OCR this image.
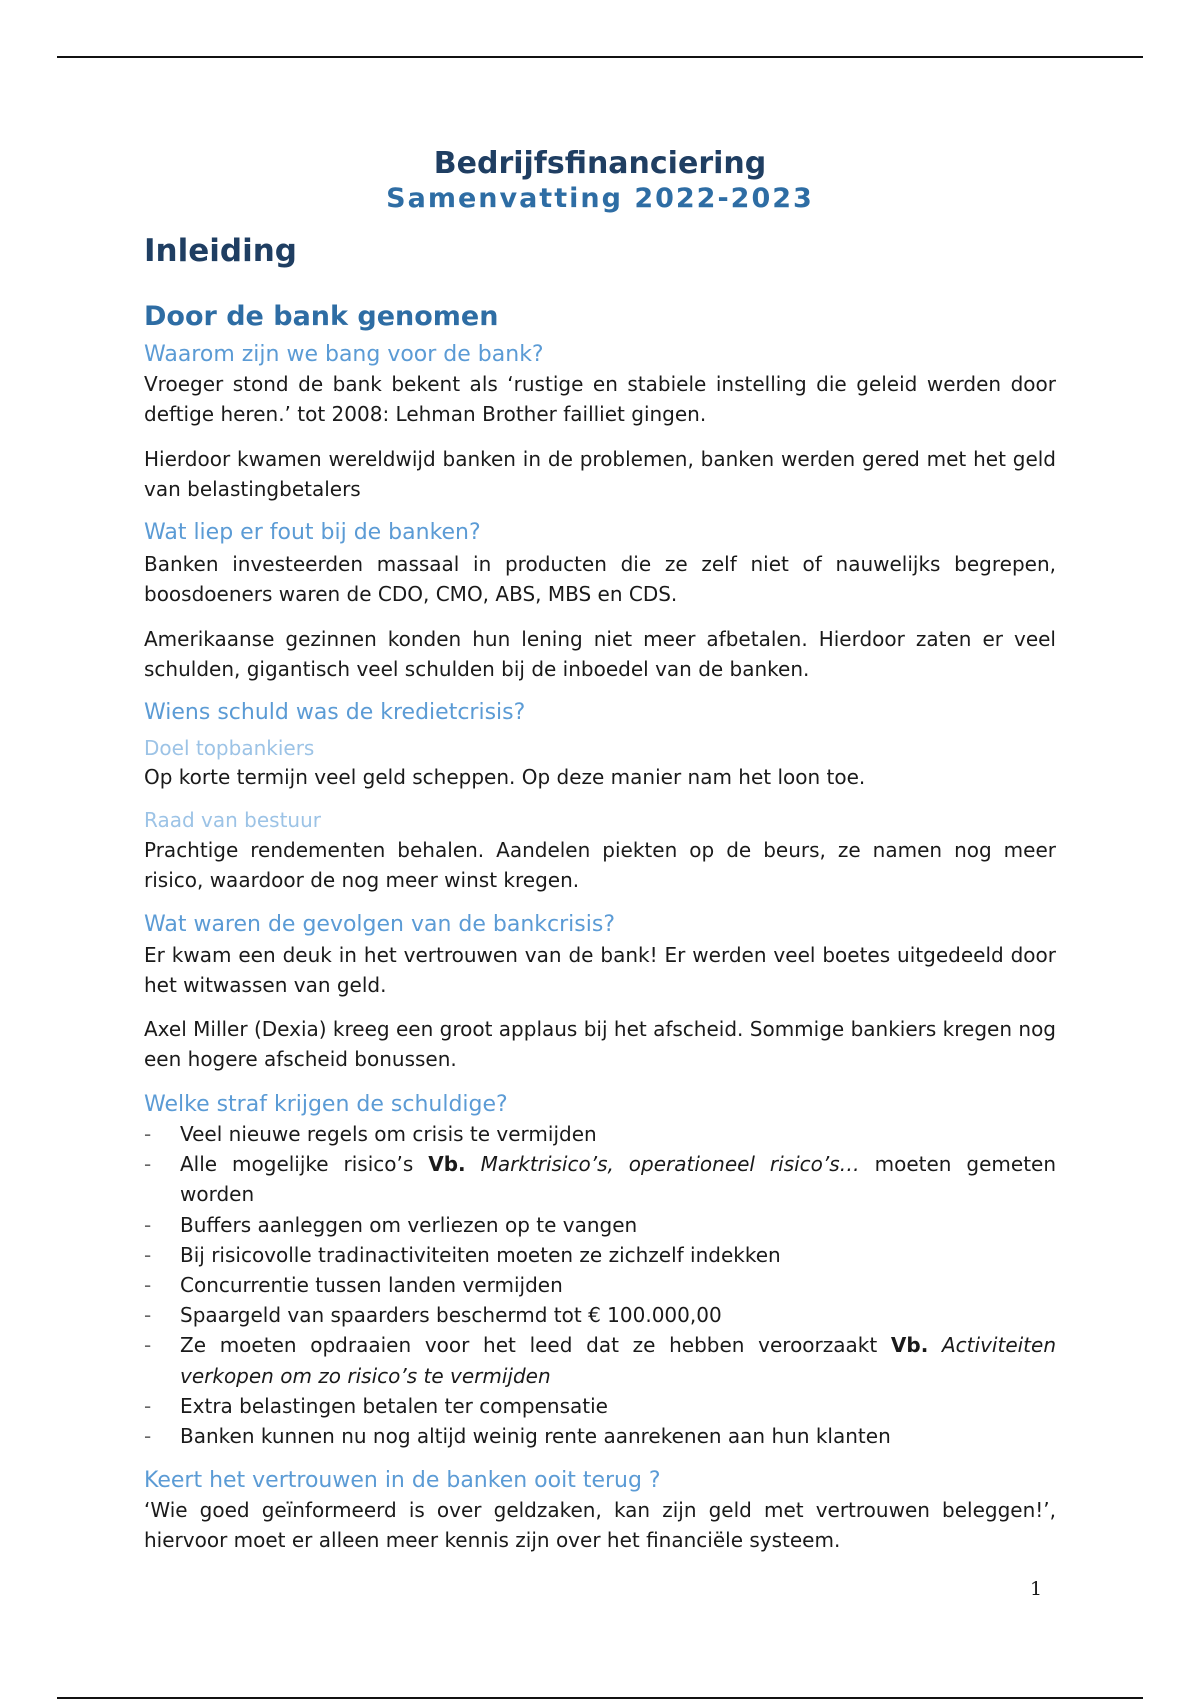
Bedrijfsfinanciering
Samenvatting 2022-2023
Inleiding
Door de bank genomen
Waarom zijn we bang voor de bank?
Vroeger stond de bank bekent als ‘rustige en stabiele instelling die geleid werden door deftige heren.’ tot 2008: Lehman Brother failliet gingen.
Hierdoor kwamen wereldwijd banken in de problemen, banken werden gered met het geld van belastingbetalers
Wat liep er fout bij de banken?
Banken investeerden massaal in producten die ze zelf niet of nauwelijks begrepen, boosdoeners waren de CDO, CMO, ABS, MBS en CDS.
Amerikaanse gezinnen konden hun lening niet meer afbetalen. Hierdoor zaten er veel schulden, gigantisch veel schulden bij de inboedel van de banken.
Wiens schuld was de kredietcrisis?
Doel topbankiers
Op korte termijn veel geld scheppen. Op deze manier nam het loon toe.
Raad van bestuur
Prachtige rendementen behalen. Aandelen piekten op de beurs, ze namen nog meer risico, waardoor de nog meer winst kregen.
Wat waren de gevolgen van de bankcrisis?
Er kwam een deuk in het vertrouwen van de bank! Er werden veel boetes uitgedeeld door het witwassen van geld.
Axel Miller (Dexia) kreeg een groot applaus bij het afscheid. Sommige bankiers kregen nog een hogere afscheid bonussen.
Welke straf krijgen de schuldige?
- Veel nieuwe regels om crisis te vermijden
- Alle mogelijke risico’s Vb. Marktrisico’s, operationeel risico’s… moeten gemeten worden
- Buffers aanleggen om verliezen op te vangen
- Bij risicovolle tradinactiviteiten moeten ze zichzelf indekken
- Concurrentie tussen landen vermijden
- Spaargeld van spaarders beschermd tot € 100.000,00
- Ze moeten opdraaien voor het leed dat ze hebben veroorzaakt Vb. Activiteiten verkopen om zo risico’s te vermijden
- Extra belastingen betalen ter compensatie
- Banken kunnen nu nog altijd weinig rente aanrekenen aan hun klanten
Keert het vertrouwen in de banken ooit terug ?
‘Wie goed geïnformeerd is over geldzaken, kan zijn geld met vertrouwen beleggen!’, hiervoor moet er alleen meer kennis zijn over het financiële systeem.
1
